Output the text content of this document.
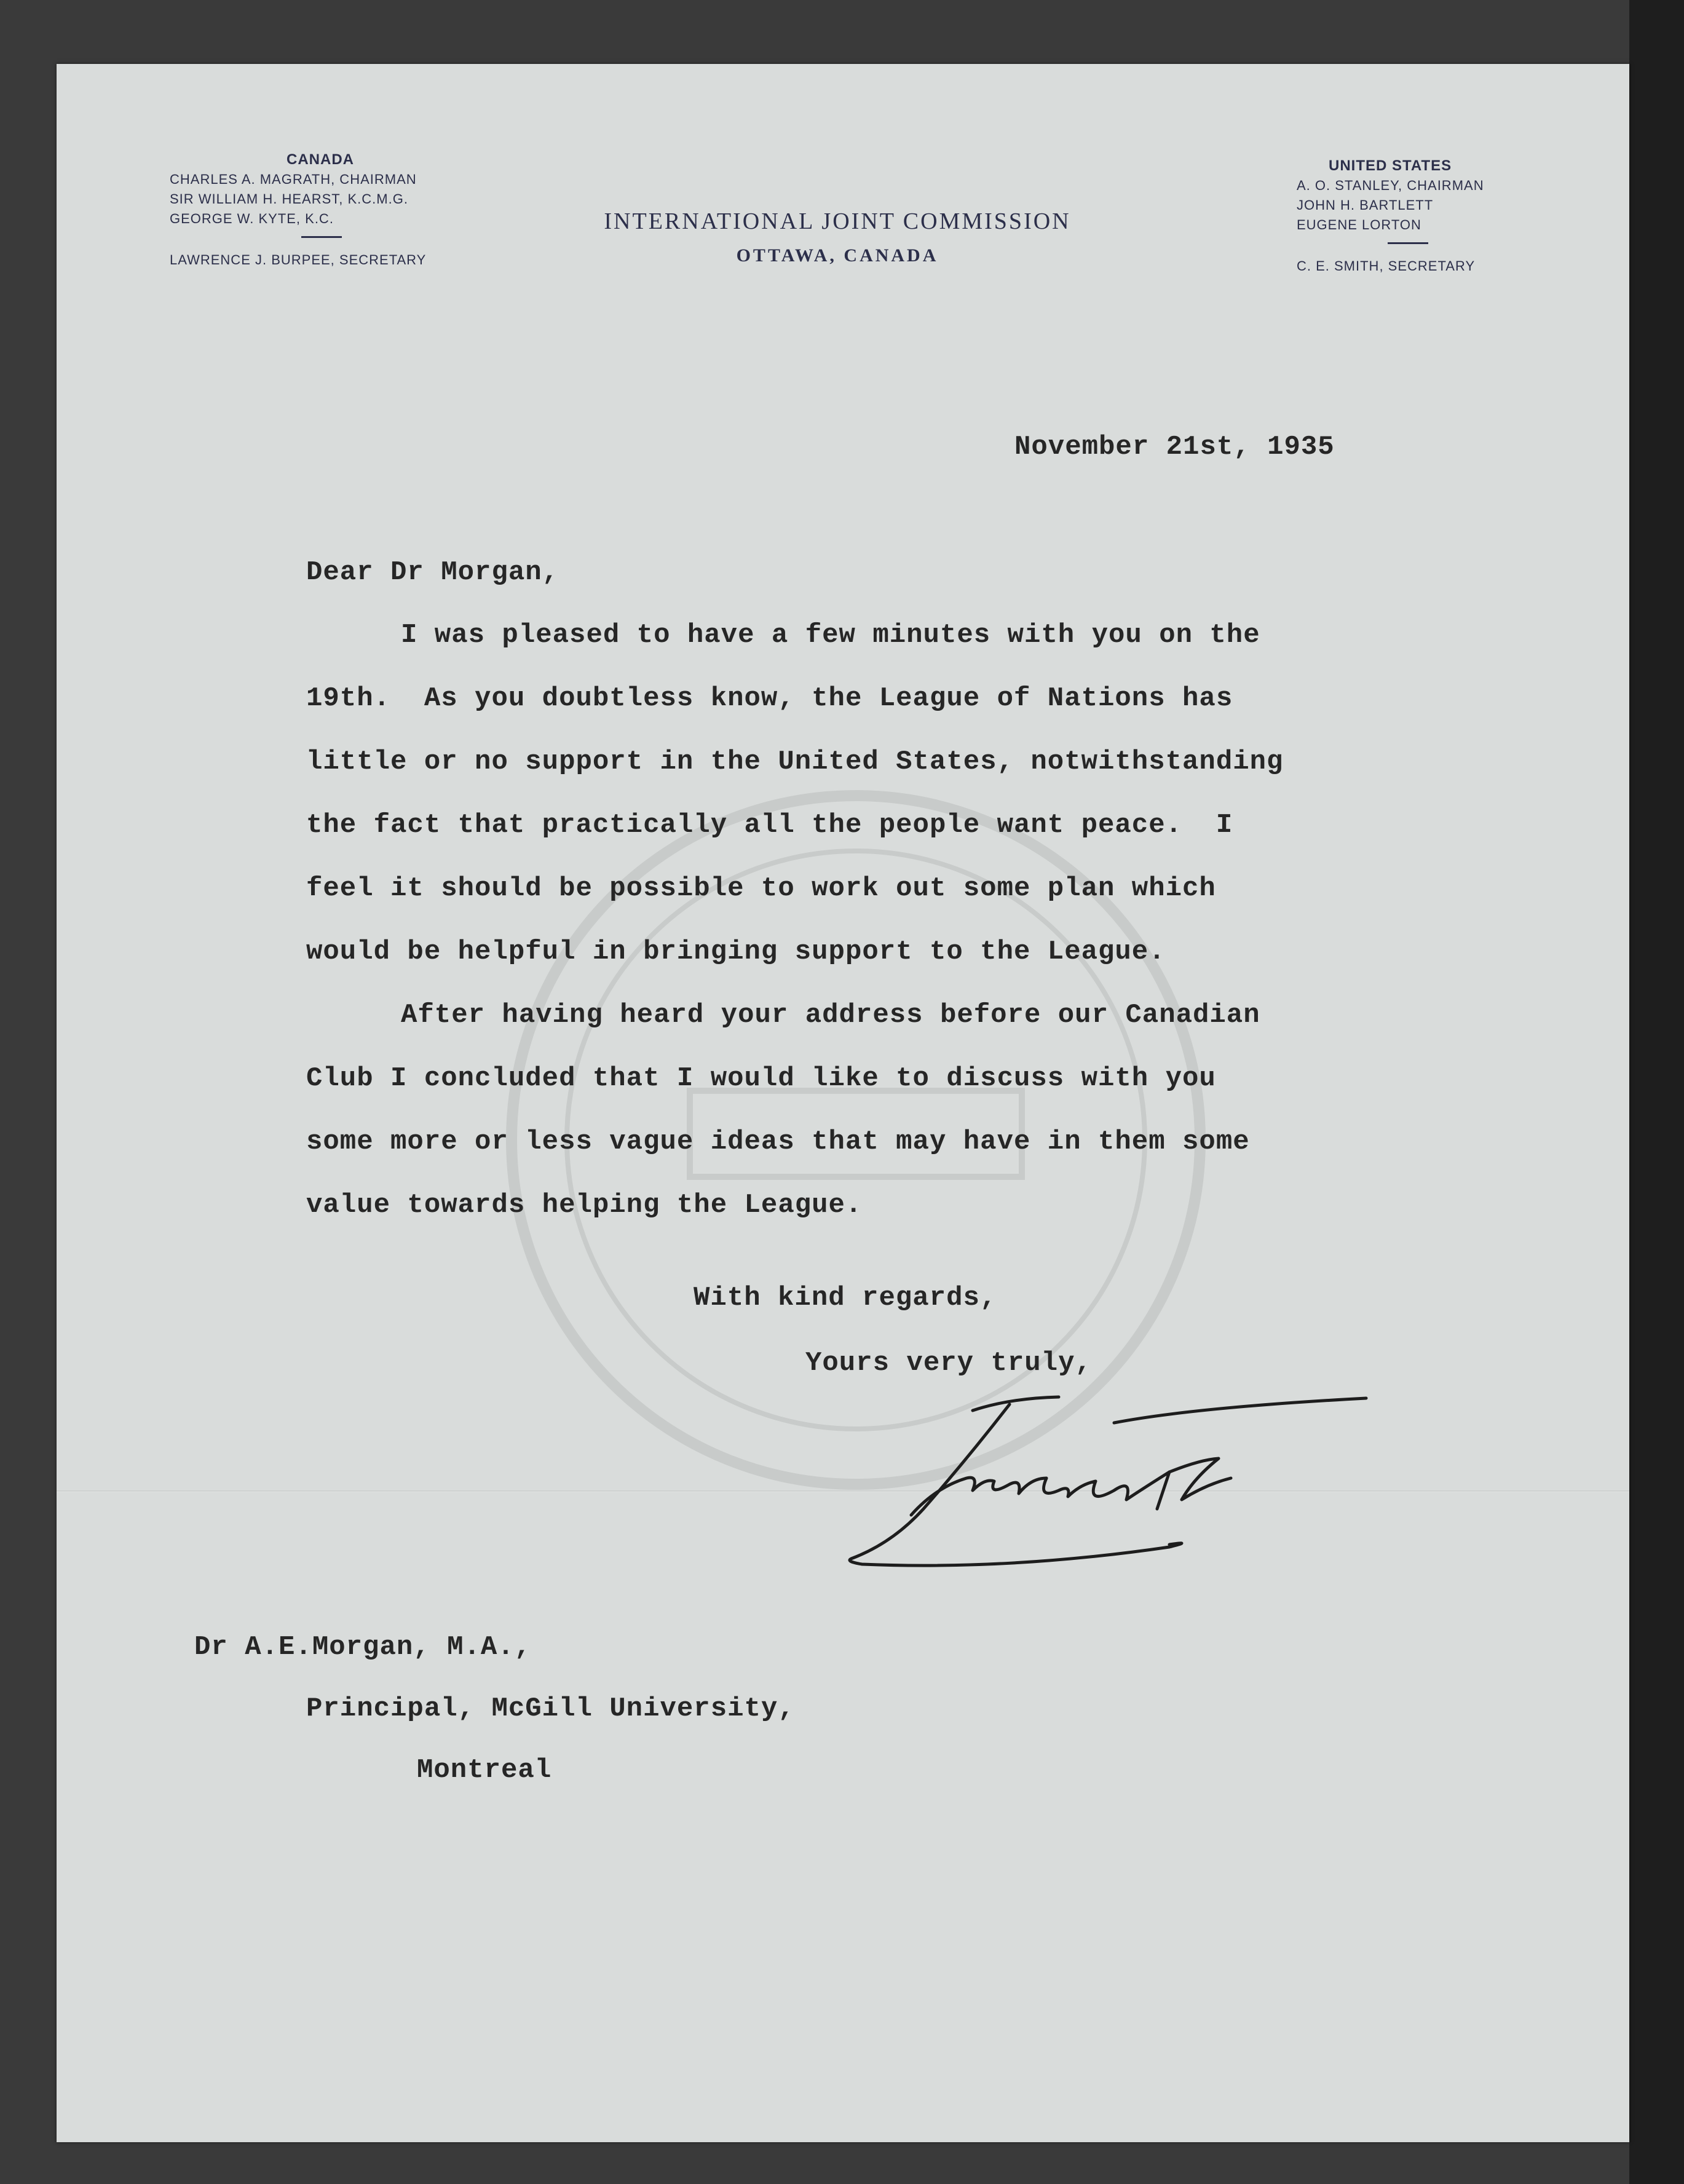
CANADA
CHARLES A. MAGRATH, CHAIRMAN
SIR WILLIAM H. HEARST, K.C.M.G.
GEORGE W. KYTE, K.C.
LAWRENCE J. BURPEE, SECRETARY
INTERNATIONAL JOINT COMMISSION
OTTAWA, CANADA
UNITED STATES
A. O. STANLEY, CHAIRMAN
JOHN H. BARTLETT
EUGENE LORTON
C. E. SMITH, SECRETARY
November 21st, 1935
Dear Dr Morgan,
I was pleased to have a few minutes with you on the
19th.  As you doubtless know, the League of Nations has
little or no support in the United States, notwithstanding
the fact that practically all the people want peace.  I
feel it should be possible to work out some plan which
would be helpful in bringing support to the League.
After having heard your address before our Canadian
Club I concluded that I would like to discuss with you
some more or less vague ideas that may have in them some
value towards helping the League.
With kind regards,
Yours very truly,
Dr A.E.Morgan, M.A.,
Principal, McGill University,
Montreal
